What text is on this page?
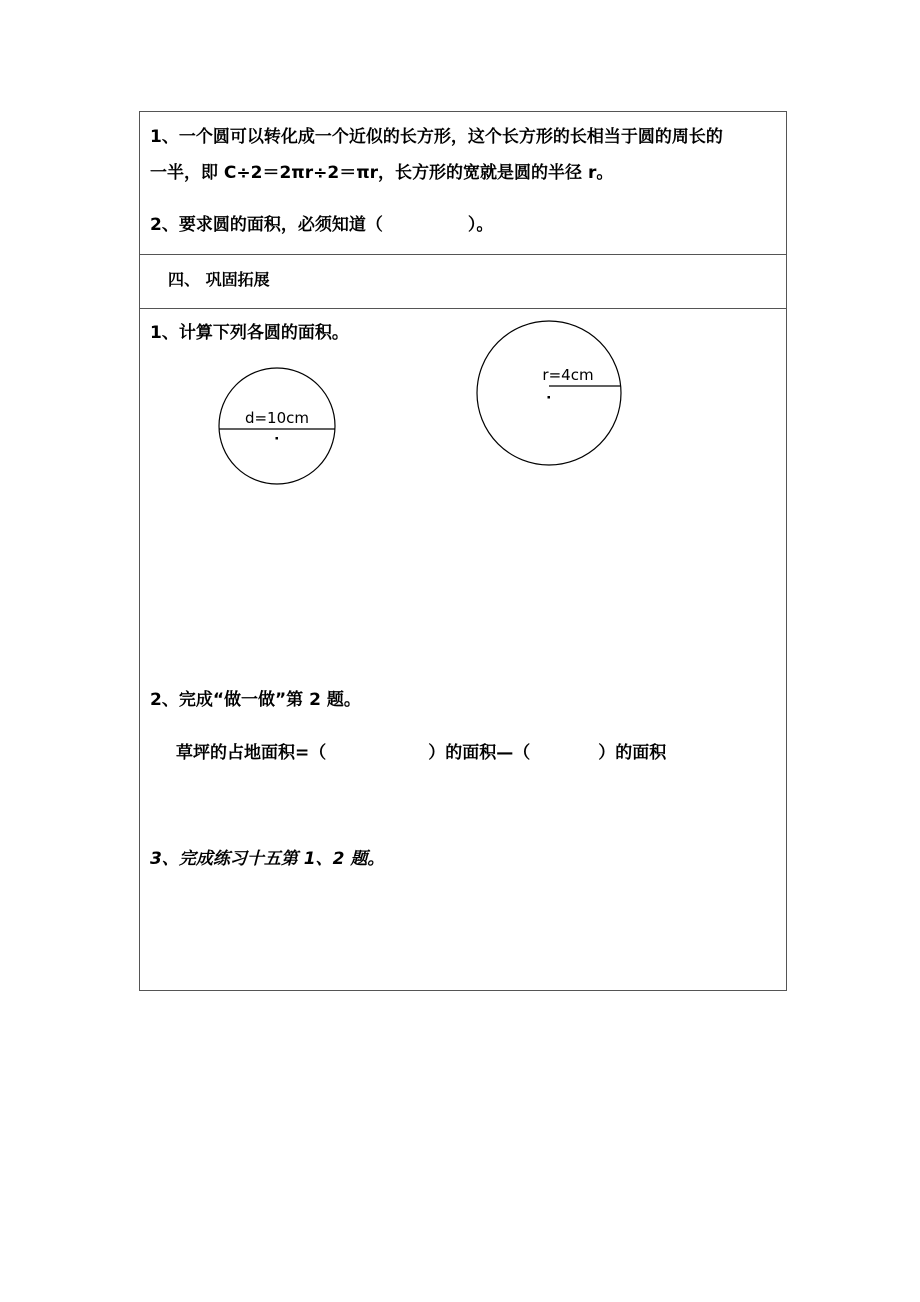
1、一个圆可以转化成一个近似的长方形，这个长方形的长相当于圆的周长的
一半，即 C÷2＝2πr÷2＝πr，长方形的宽就是圆的半径 r。
2、要求圆的面积，必须知道（　　　　　）。
四、 巩固拓展
1、计算下列各圆的面积。
d=10cm
r=4cm
2、完成“做一做”第 2 题。
草坪的占地面积=（　　　　　　）的面积—（　　　　）的面积
3、完成练习十五第 1、2 题。
